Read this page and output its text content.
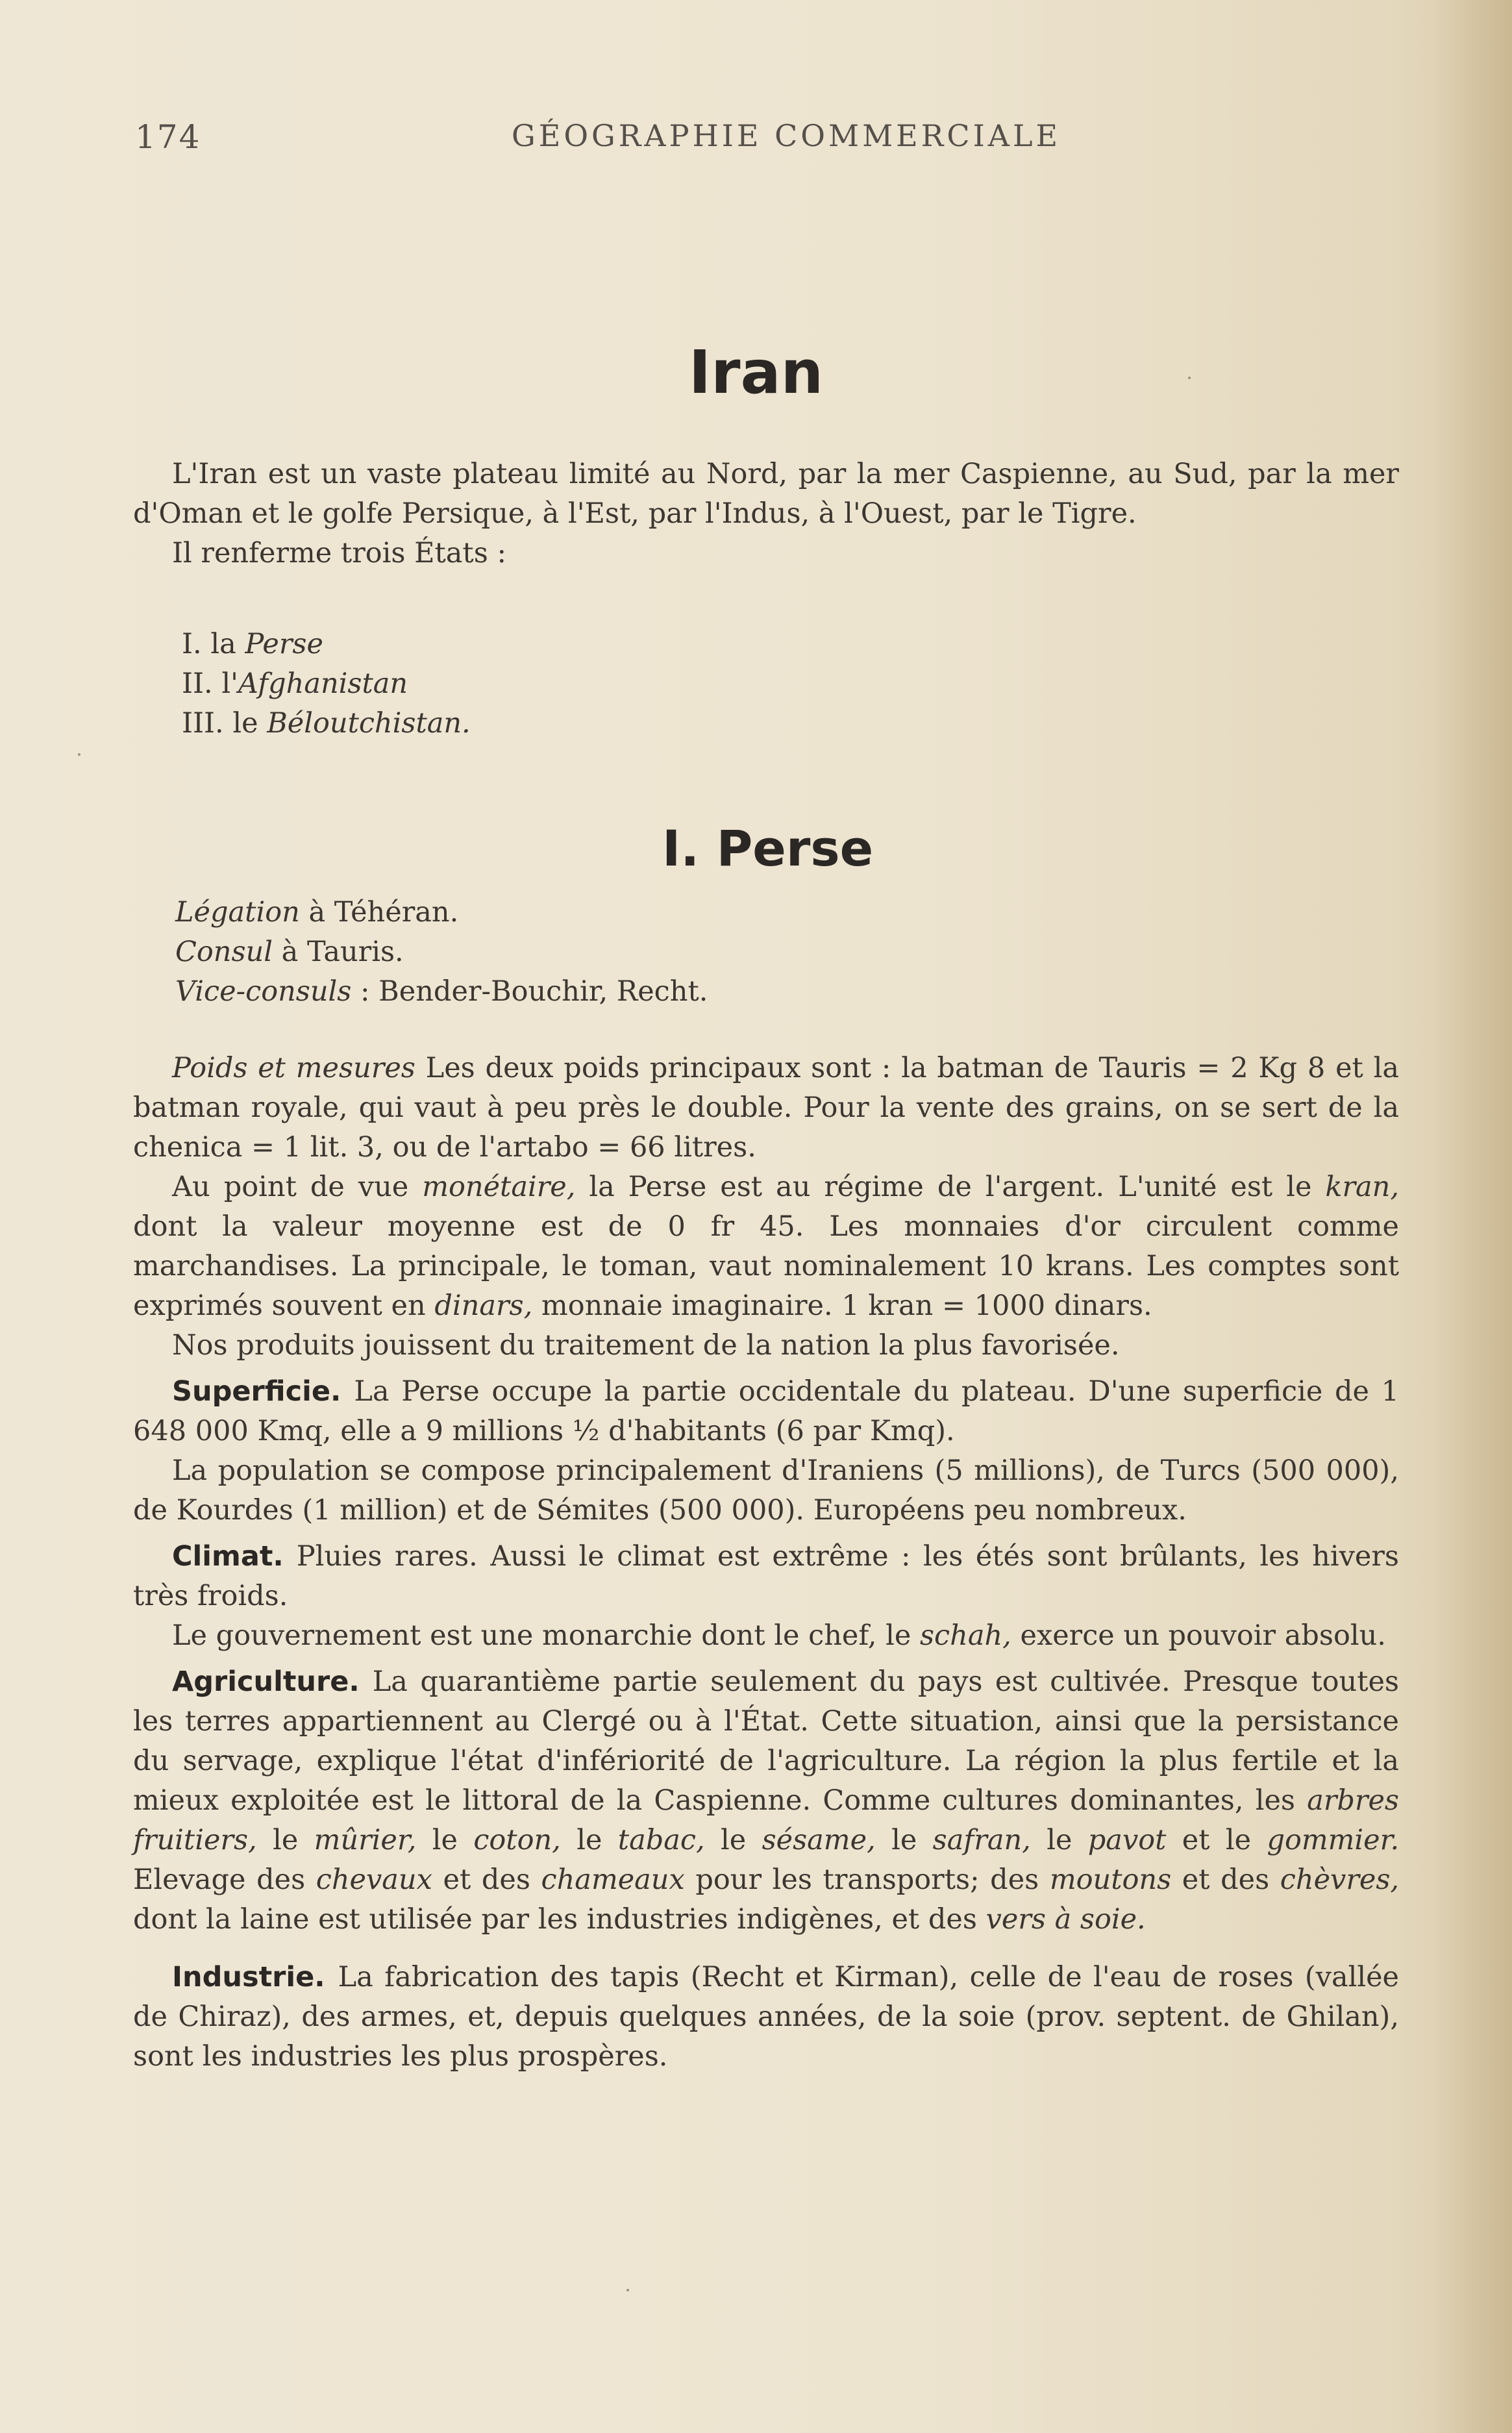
174	GÉOGRAPHIE COMMERCIALE
Iran

L'Iran est un vaste plateau limité au Nord, par la mer Caspienne, au Sud, par la mer d'Oman et le golfe Persique, à l'Est, par l'Indus, à l'Ouest, par le Tigre.

Il renferme trois États :

I. la Perse
II. l'Afghanistan
III. le Béloutchistan.
I. Perse
Légation à Téhéran.
Consul à Tauris.
Vice-consuls : Bender-Bouchir, Recht.

Poids et mesures Les deux poids principaux sont : la batman de Tauris = 2 Kg 8 et la batman royale, qui vaut à peu près le double. Pour la vente des grains, on se sert de la chenica = 1 lit. 3, ou de l'artabo = 66 litres.

Au point de vue monétaire, la Perse est au régime de l'argent. L'unité est le kran, dont la valeur moyenne est de 0 fr 45. Les monnaies d'or circulent comme marchandises. La principale, le toman, vaut nominalement 10 krans. Les comptes sont exprimés souvent en dinars, monnaie imaginaire. 1 kran = 1000 dinars.

Nos produits jouissent du traitement de la nation la plus favorisée.

Superficie. La Perse occupe la partie occidentale du plateau. D'une superficie de 1 648 000 Kmq, elle a 9 millions ½ d'habitants (6 par Kmq).

La population se compose principalement d'Iraniens (5 millions), de Turcs (500 000), de Kourdes (1 million) et de Sémites (500 000). Européens peu nombreux.

Climat. Pluies rares. Aussi le climat est extrême : les étés sont brûlants, les hivers très froids.

Le gouvernement est une monarchie dont le chef, le schah, exerce un pouvoir absolu.

Agriculture. La quarantième partie seulement du pays est cultivée. Presque toutes les terres appartiennent au Clergé ou à l'État. Cette situation, ainsi que la persistance du servage, explique l'état d'infériorité de l'agriculture. La région la plus fertile et la mieux exploitée est le littoral de la Caspienne. Comme cultures dominantes, les arbres fruitiers, le mûrier, le coton, le tabac, le sésame, le safran, le pavot et le gommier. Elevage des chevaux et des chameaux pour les transports; des moutons et des chèvres, dont la laine est utilisée par les industries indigènes, et des vers à soie.

Industrie. La fabrication des tapis (Recht et Kirman), celle de l'eau de roses (vallée de Chiraz), des armes, et, depuis quelques années, de la soie (prov. septent. de Ghilan), sont les industries les plus prospères.
